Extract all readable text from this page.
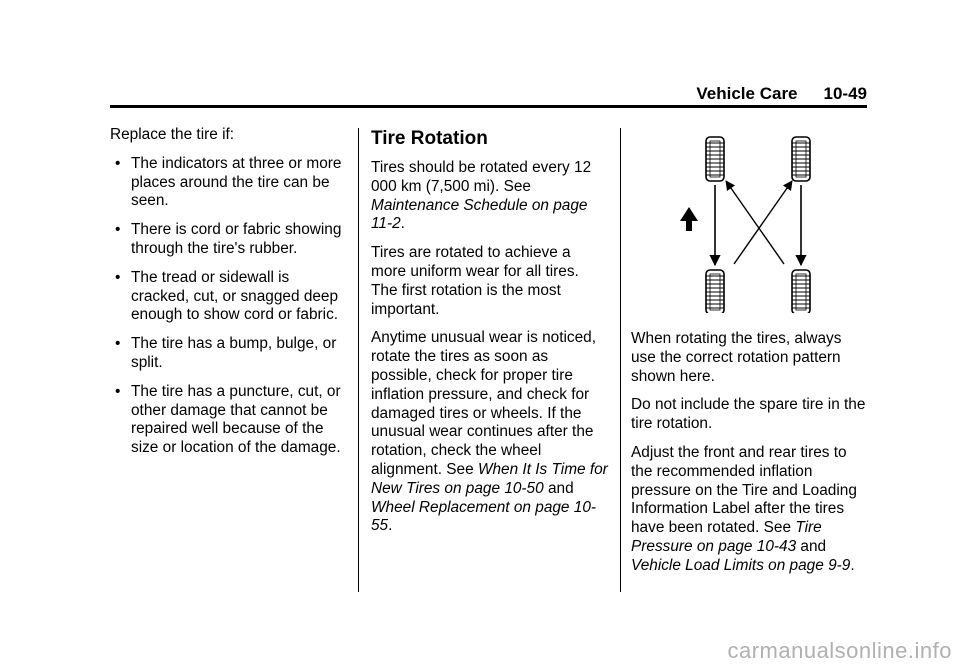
Vehicle Care 10-49

Replace the tire if:

• The indicators at three or more places around the tire can be seen.
• There is cord or fabric showing through the tire's rubber.
• The tread or sidewall is cracked, cut, or snagged deep enough to show cord or fabric.
• The tire has a bump, bulge, or split.
• The tire has a puncture, cut, or other damage that cannot be repaired well because of the size or location of the damage.
Tire Rotation

Tires should be rotated every 12 000 km (7,500 mi). See Maintenance Schedule on page 11-2.

Tires are rotated to achieve a more uniform wear for all tires. The first rotation is the most important.

Anytime unusual wear is noticed, rotate the tires as soon as possible, check for proper tire inflation pressure, and check for damaged tires or wheels. If the unusual wear continues after the rotation, check the wheel alignment. See When It Is Time for New Tires on page 10-50 and Wheel Replacement on page 10-55.

When rotating the tires, always use the correct rotation pattern shown here.

Do not include the spare tire in the tire rotation.

Adjust the front and rear tires to the recommended inflation pressure on the Tire and Loading Information Label after the tires have been rotated. See Tire Pressure on page 10-43 and Vehicle Load Limits on page 9-9.

carmanualsonline.info
